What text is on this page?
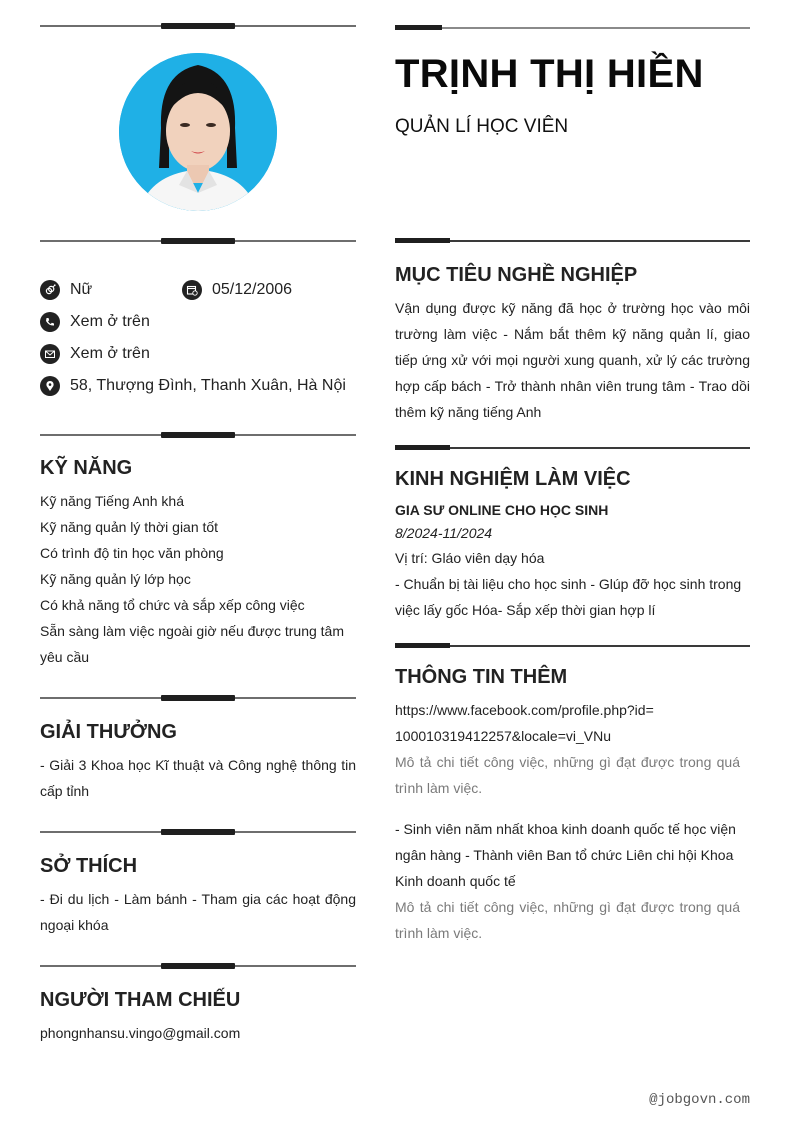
Nữ	05/12/2006
Xem ở trên
Xem ở trên
58, Thượng Đình, Thanh Xuân, Hà Nội
KỸ NĂNG
Kỹ năng Tiếng Anh khá
Kỹ năng quản lý thời gian tốt
Có trình độ tin học văn phòng
Kỹ năng quản lý lớp học
Có khả năng tổ chức và sắp xếp công việc
Sẵn sàng làm việc ngoài giờ nếu được trung tâm yêu cầu
GIẢI THƯỞNG
- Giải 3 Khoa học Kĩ thuật và Công nghệ thông tin cấp tỉnh
SỞ THÍCH
- Đi du lịch - Làm bánh - Tham gia các hoạt động ngoại khóa
NGƯỜI THAM CHIẾU
phongnhansu.vingo@gmail.com
TRỊNH THỊ HIỀN
QUẢN LÍ HỌC VIÊN
MỤC TIÊU NGHỀ NGHIỆP
Vận dụng được kỹ năng đã học ở trường học vào môi trường làm việc - Nắm bắt thêm kỹ năng quản lí, giao tiếp ứng xử với mọi người xung quanh, xử lý các trường hợp cấp bách - Trở thành nhân viên trung tâm - Trao dồi thêm kỹ năng tiếng Anh
KINH NGHIỆM LÀM VIỆC
GIA SƯ ONLINE CHO HỌC SINH
8/2024-11/2024
Vị trí: Gláo viên dạy hóa
- Chuẩn bị tài liệu cho học sinh - Glúp đỡ học sinh trong việc lấy gốc Hóa- Sắp xếp thời gian hợp lí
THÔNG TIN THÊM
https://www.facebook.com/profile.php?id=100010319412257&locale=vi_VNu
Mô tả chi tiết công việc, những gì đạt được trong quá trình làm việc.
- Sinh viên năm nhất khoa kinh doanh quốc tế học viện ngân hàng - Thành viên Ban tổ chức Liên chi hội Khoa Kinh doanh quốc tế
Mô tả chi tiết công việc, những gì đạt được trong quá trình làm việc.
@jobgovn.com
